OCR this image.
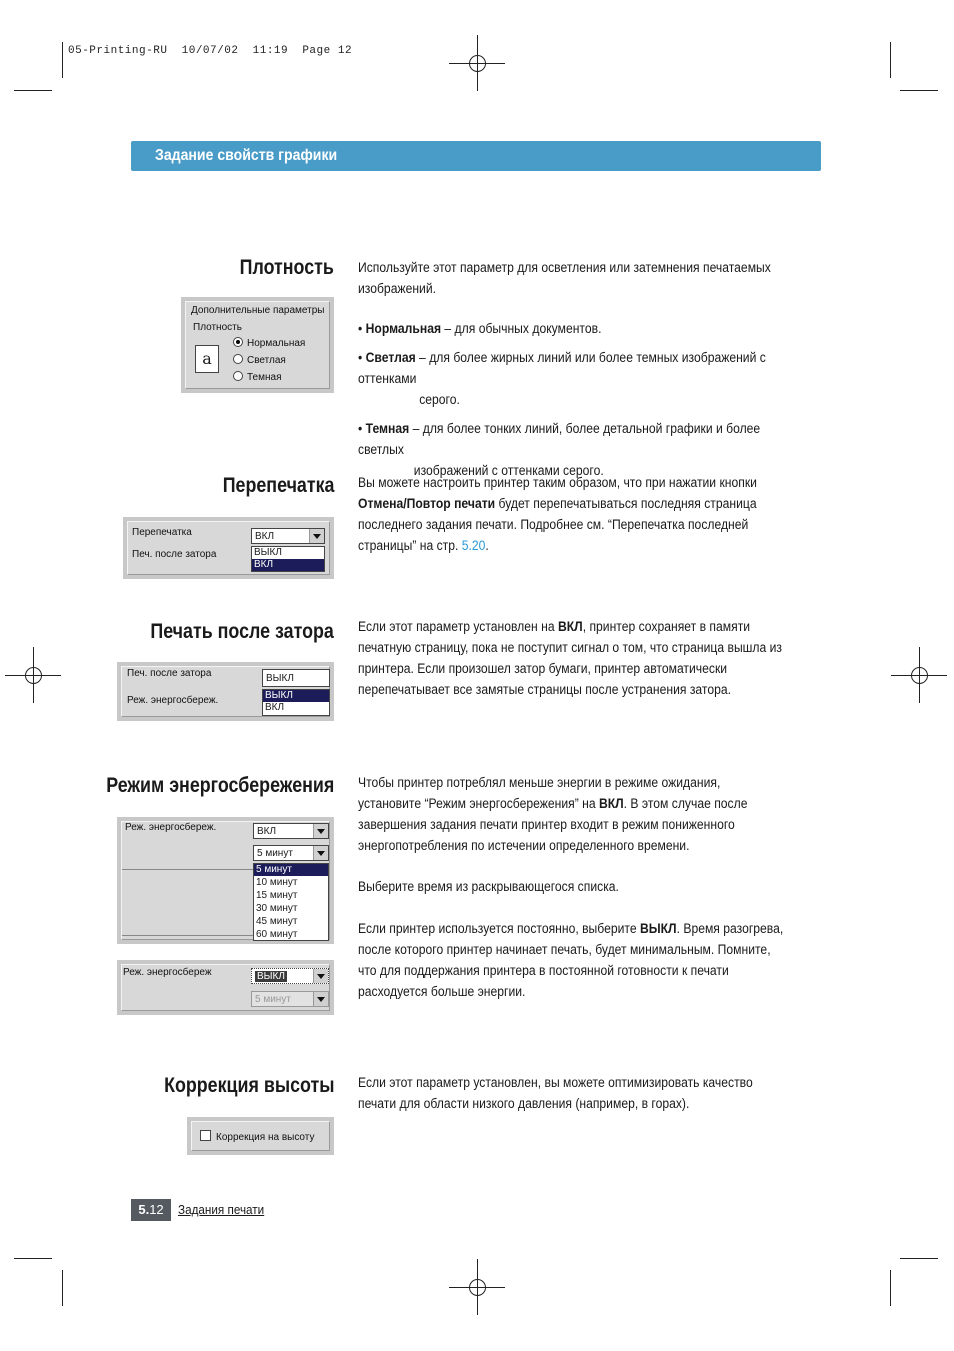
05-Printing-RU  10/07/02  11:19  Page 12
Задание свойств графики
Плотность Используйте этот параметр для осветления или затемнения печатаемых изображений.

• Нормальная – для обычных документов.

• Светлая – для более жирных линий или более темных изображений с оттенками
серого.

• Темная – для более тонких линий, более детальной графики и более светлых
изображений с оттенками серого.

Дополнительные параметры
Плотность
a
Нормальная
Светлая
Темная
Перепечатка Вы можете настроить принтер таким образом, что при нажатии кнопки
Отмена/Повтор печати будет перепечатываться последняя страница последнего задания печати. Подробнее см. “Перепечатка последней страницы” на стр. 5.20.
Перепечатка
Печ. после затора
ВКЛ
ВЫКЛ
ВКЛ
Печать после затора Если этот параметр установлен на ВКЛ, принтер сохраняет в памяти печатную страницу, пока не поступит сигнал о том, что страница вышла из принтера. Если произошел затор бумаги, принтер автоматически перепечатывает все замятые страницы после устранения затора.
Печ. после затора
Реж. энергосбереж.
ВЫКЛ
ВЫКЛ
ВКЛ
Режим энергосбережения Чтобы принтер потреблял меньше энергии в режиме ожидания, установите “Режим энергосбережения” на ВКЛ. В этом случае после завершения задания печати принтер входит в режим пониженного энергопотребления по истечении определенного времени.
Выберите время из раскрывающегося списка.
Если принтер используется постоянно, выберите ВЫКЛ. Время разогрева, после которого принтер начинает печать, будет минимальным. Помните, что для поддержания принтера в постоянной готовности к печати расходуется больше энергии.
Реж. энергосбереж.	ВКЛ
5 минут
5 минут
10 минут
15 минут
30 минут
45 минут
60 минут
Реж. энергосбереж	ВЫКЛ
5 минут
Коррекция высоты Если этот параметр установлен, вы можете оптимизировать качество печати для области низкого давления (например, в горах).
Коррекция на высоту
5.12	Задания печати
